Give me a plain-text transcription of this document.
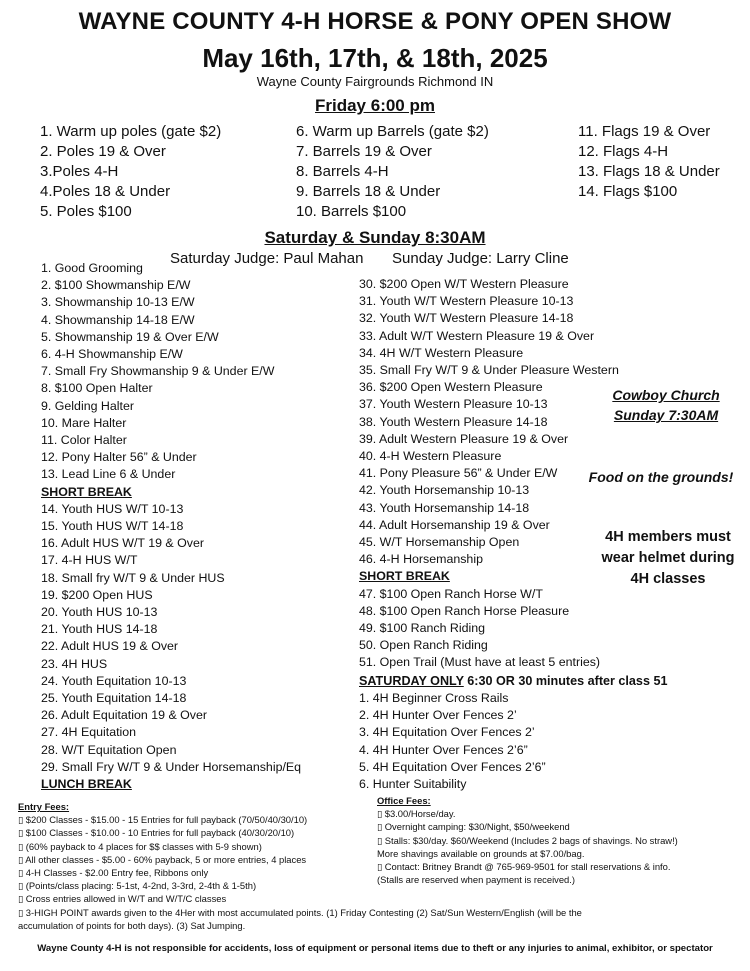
WAYNE COUNTY 4-H HORSE & PONY OPEN SHOW
May 16th, 17th, & 18th, 2025
Wayne County Fairgrounds Richmond IN
Friday 6:00 pm
1. Warm up poles (gate $2)
2. Poles 19 & Over
3.Poles 4-H
4.Poles 18 & Under
5. Poles $100
6. Warm up Barrels (gate $2)
7. Barrels 19 & Over
8. Barrels 4-H
9. Barrels 18 & Under
10. Barrels $100
11. Flags 19 & Over
12. Flags 4-H
13. Flags 18 & Under
14. Flags $100
Saturday & Sunday 8:30AM
Saturday Judge: Paul Mahan Sunday Judge: Larry Cline
1. Good Grooming
2. $100 Showmanship E/W
3. Showmanship 10-13 E/W
4. Showmanship 14-18 E/W
5. Showmanship 19 & Over E/W
6. 4-H Showmanship E/W
7. Small Fry Showmanship 9 & Under E/W
8. $100 Open Halter
9. Gelding Halter
10. Mare Halter
11. Color Halter
12. Pony Halter 56” & Under
13. Lead Line 6 & Under
SHORT BREAK
14. Youth HUS W/T 10-13
15. Youth HUS W/T 14-18
16. Adult HUS W/T 19 & Over
17. 4-H HUS W/T
18. Small fry W/T 9 & Under HUS
19. $200 Open HUS
20. Youth HUS 10-13
21. Youth HUS 14-18
22. Adult HUS 19 & Over
23. 4H HUS
24. Youth Equitation 10-13
25. Youth Equitation 14-18
26. Adult Equitation 19 & Over
27. 4H Equitation
28. W/T Equitation Open
29. Small Fry W/T 9 & Under Horsemanship/Eq
LUNCH BREAK
30. $200 Open W/T Western Pleasure
31. Youth W/T Western Pleasure 10-13
32. Youth W/T Western Pleasure 14-18
33. Adult W/T Western Pleasure 19 & Over
34. 4H W/T Western Pleasure
35. Small Fry W/T 9 & Under Pleasure Western
36. $200 Open Western Pleasure
37. Youth Western Pleasure 10-13
38. Youth Western Pleasure 14-18
39. Adult Western Pleasure 19 & Over
40. 4-H Western Pleasure
41. Pony Pleasure 56” & Under E/W
42. Youth Horsemanship 10-13
43. Youth Horsemanship 14-18
44. Adult Horsemanship 19 & Over
45. W/T Horsemanship Open
46. 4-H Horsemanship
SHORT BREAK
47. $100 Open Ranch Horse W/T
48. $100 Open Ranch Horse Pleasure
49. $100 Ranch Riding
50. Open Ranch Riding
51. Open Trail (Must have at least 5 entries)
SATURDAY ONLY 6:30 OR 30 minutes after class 51
1. 4H Beginner Cross Rails
2. 4H Hunter Over Fences 2’
3. 4H Equitation Over Fences 2’
4. 4H Hunter Over Fences 2’6”
5. 4H Equitation Over Fences 2’6”
6. Hunter Suitability
Cowboy Church
Sunday 7:30AM
Food on the grounds!
4H members must
wear helmet during
4H classes
Entry Fees:
▯ $200 Classes - $15.00 - 15 Entries for full payback (70/50/40/30/10)
▯ $100 Classes - $10.00 - 10 Entries for full payback (40/30/20/10)
▯ (60% payback to 4 places for $$ classes with 5-9 shown)
▯ All other classes - $5.00 - 60% payback, 5 or more entries, 4 places
▯ 4-H Classes - $2.00 Entry fee, Ribbons only
▯ (Points/class placing: 5-1st, 4-2nd, 3-3rd, 2-4th & 1-5th)
▯ Cross entries allowed in W/T and W/T/C classes
▯ 3-HIGH POINT awards given to the 4Her with most accumulated points. (1) Friday Contesting (2) Sat/Sun Western/English (will be the
accumulation of points for both days). (3) Sat Jumping.
Office Fees:
▯ $3.00/Horse/day.
▯ Overnight camping: $30/Night, $50/weekend
▯ Stalls: $30/day. $60/Weekend (Includes 2 bags of shavings. No straw!)
More shavings available on grounds at $7.00/bag.
▯ Contact: Britney Brandt @ 765-969-9501 for stall reservations & info.
(Stalls are reserved when payment is received.)
Wayne County 4-H is not responsible for accidents, loss of equipment or personal items due to theft or any injuries to animal, exhibitor, or spectator
